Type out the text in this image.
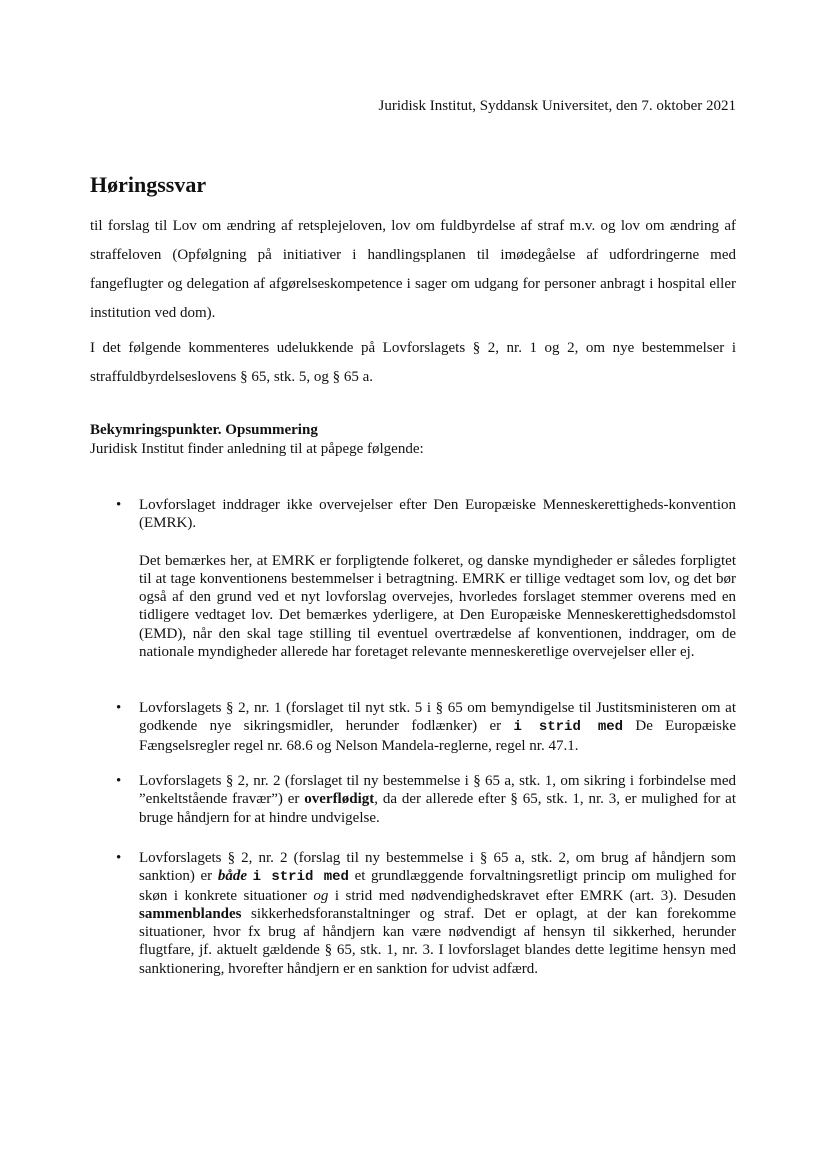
Juridisk Institut, Syddansk Universitet, den 7. oktober 2021
Høringssvar

til forslag til Lov om ændring af retsplejeloven, lov om fuldbyrdelse af straf m.v. og lov om ændring af straffeloven (Opfølgning på initiativer i handlingsplanen til imødegåelse af udfordringerne med fangeflugter og delegation af afgørelseskompetence i sager om udgang for personer anbragt i hospital eller institution ved dom).

I det følgende kommenteres udelukkende på Lovforslagets § 2, nr. 1 og 2, om nye bestemmelser i straffuldbyrdelseslovens § 65, stk. 5, og § 65 a.

Bekymringspunkter. Opsummering

Juridisk Institut finder anledning til at påpege følgende:

• Lovforslaget inddrager ikke overvejelser efter Den Europæiske Menneskerettigheds-konvention (EMRK).

Det bemærkes her, at EMRK er forpligtende folkeret, og danske myndigheder er således forpligtet til at tage konventionens bestemmelser i betragtning. EMRK er tillige vedtaget som lov, og det bør også af den grund ved et nyt lovforslag overvejes, hvorledes forslaget stemmer overens med en tidligere vedtaget lov. Det bemærkes yderligere, at Den Europæiske Menneskerettighedsdomstol (EMD), når den skal tage stilling til eventuel overtrædelse af konventionen, inddrager, om de nationale myndigheder allerede har foretaget relevante menneskeretlige overvejelser eller ej.

• Lovforslagets § 2, nr. 1 (forslaget til nyt stk. 5 i § 65 om bemyndigelse til Justitsministeren om at godkende nye sikringsmidler, herunder fodlænker) er i strid med De Europæiske Fængselsregler regel nr. 68.6 og Nelson Mandela-reglerne, regel nr. 47.1.

• Lovforslagets § 2, nr. 2 (forslaget til ny bestemmelse i § 65 a, stk. 1, om sikring i forbindelse med ”enkeltstående fravær”) er overflødigt, da der allerede efter § 65, stk. 1, nr. 3, er mulighed for at bruge håndjern for at hindre undvigelse.

• Lovforslagets § 2, nr. 2 (forslag til ny bestemmelse i § 65 a, stk. 2, om brug af håndjern som sanktion) er både i strid med et grundlæggende forvaltningsretligt princip om mulighed for skøn i konkrete situationer og i strid med nødvendighedskravet efter EMRK (art. 3). Desuden sammenblandes sikkerhedsforanstaltninger og straf. Det er oplagt, at der kan forekomme situationer, hvor fx brug af håndjern kan være nødvendigt af hensyn til sikkerhed, herunder flugtfare, jf. aktuelt gældende § 65, stk. 1, nr. 3. I lovforslaget blandes dette legitime hensyn med sanktionering, hvorefter håndjern er en sanktion for udvist adfærd.
